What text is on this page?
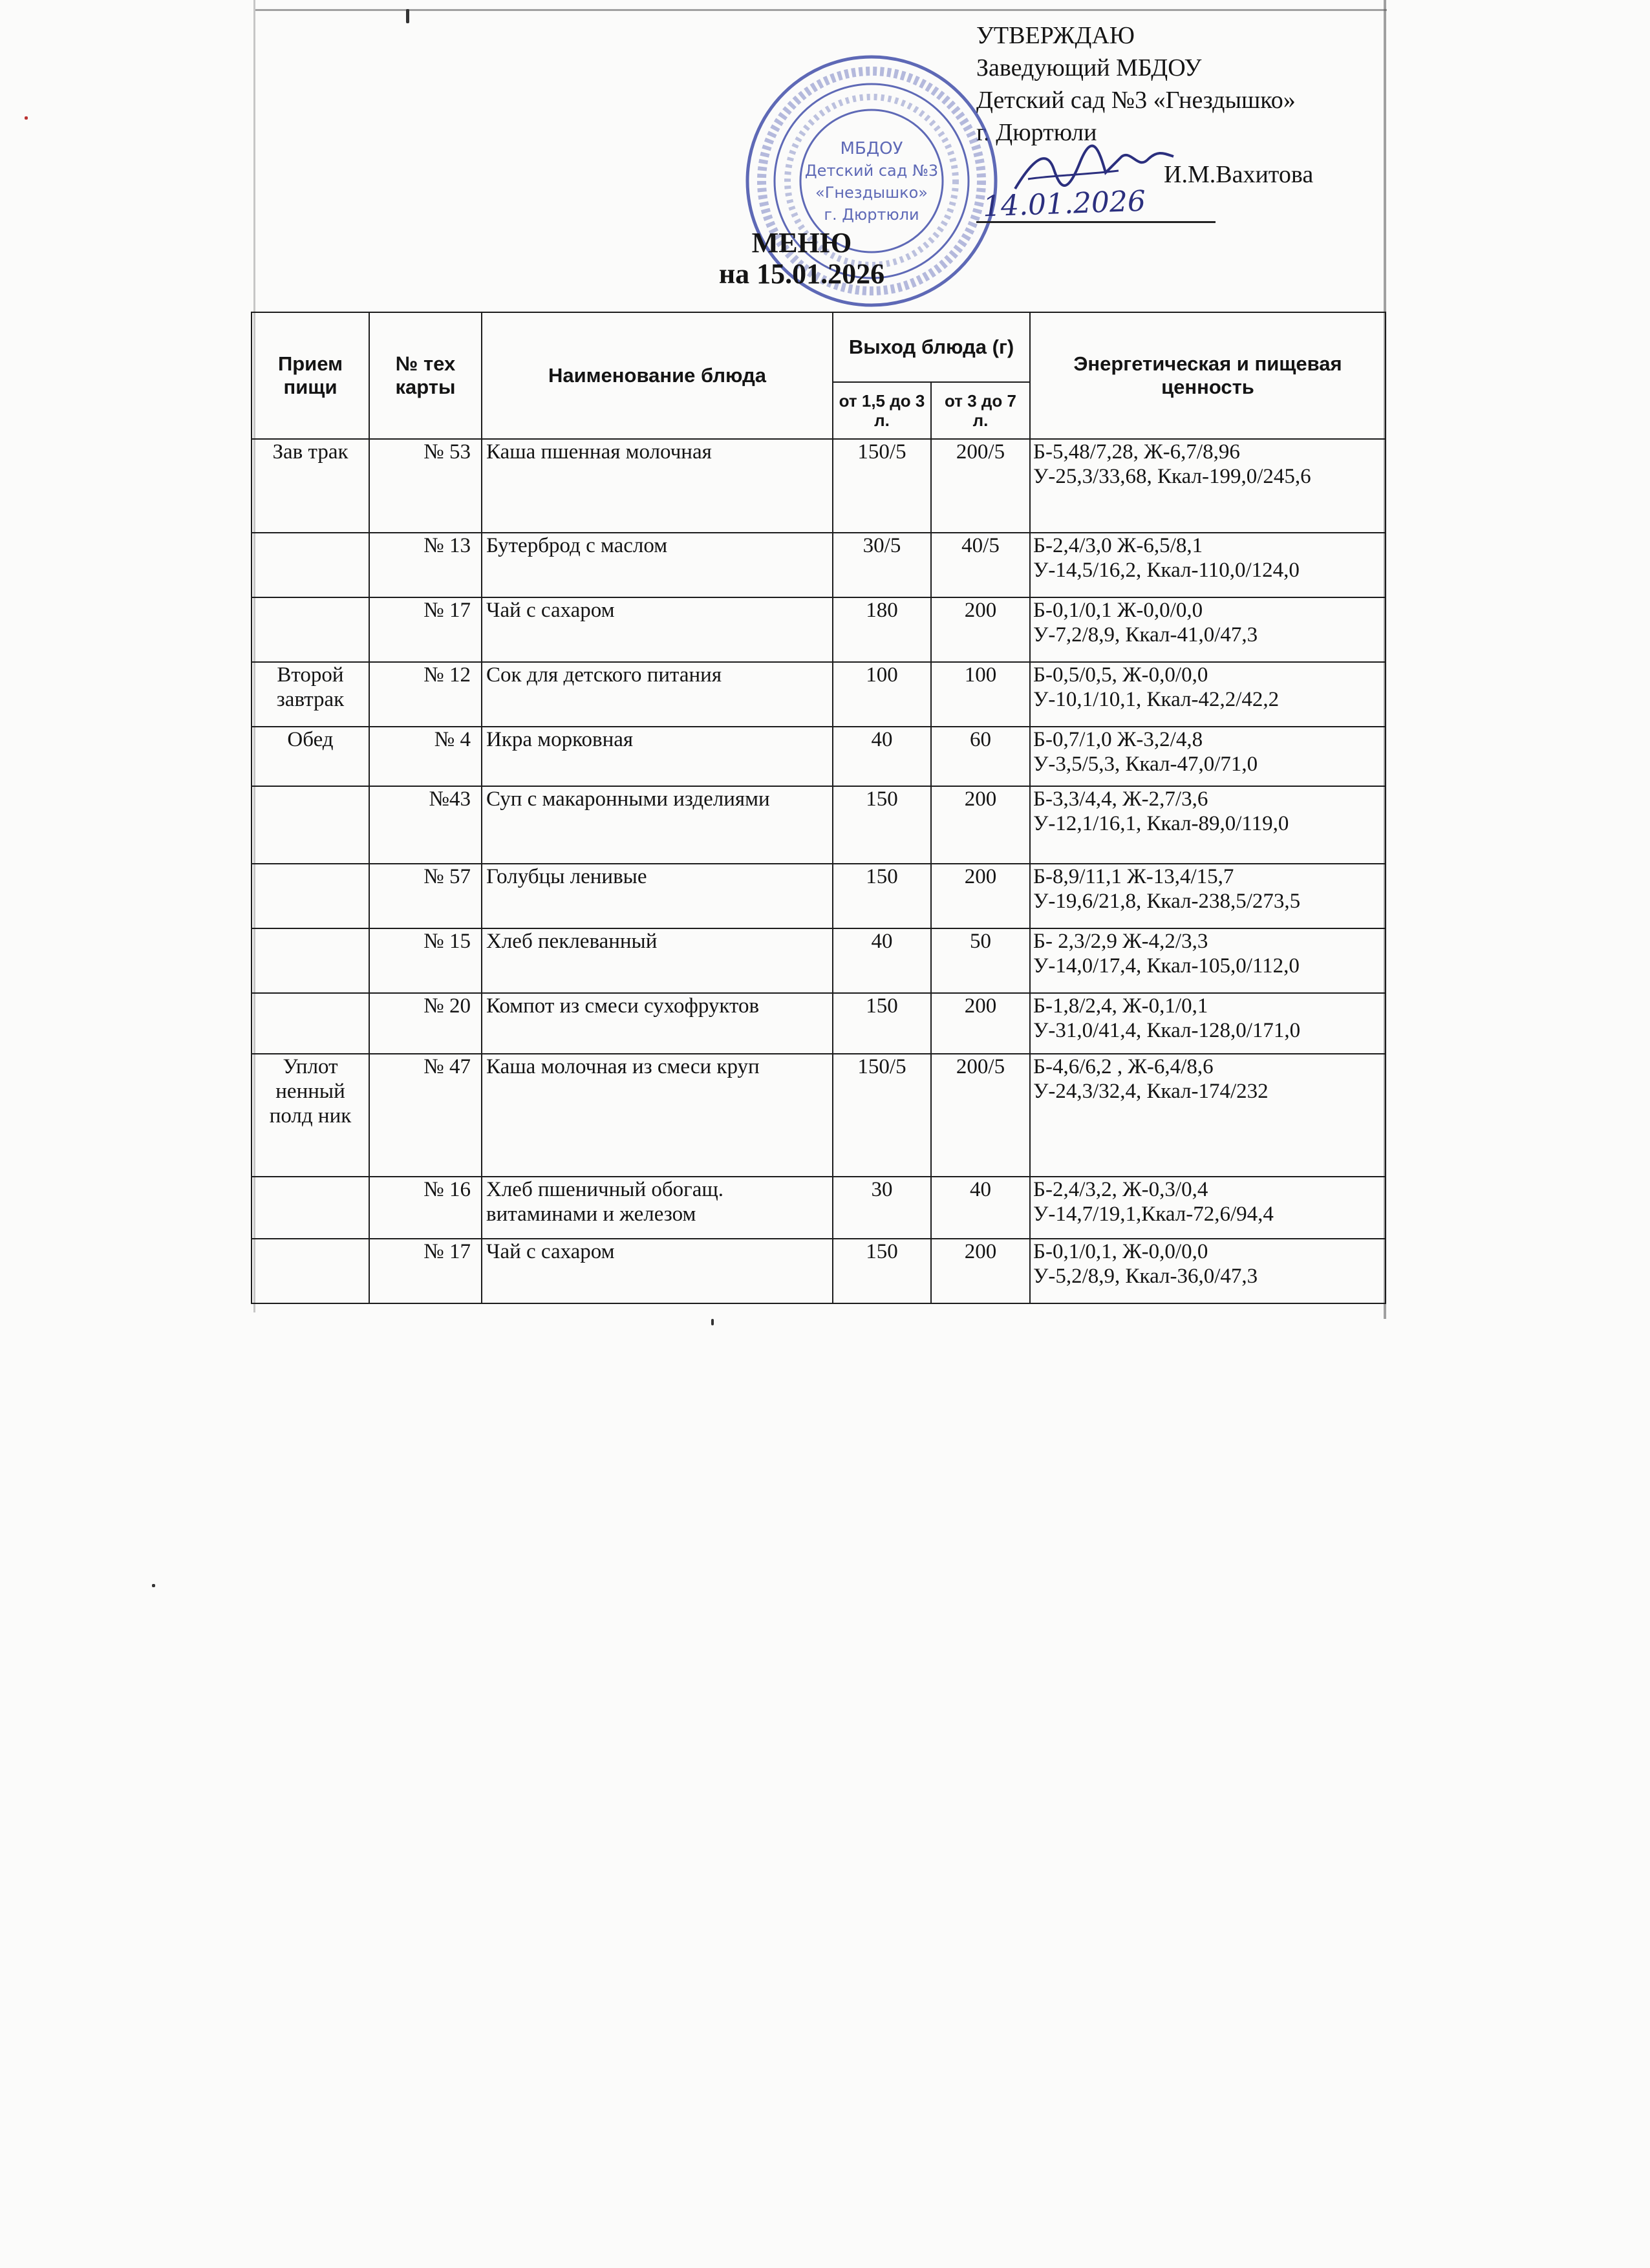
УТВЕРЖДАЮ
Заведующий МБДОУ
Детский сад №3 «Гнездышко»
г. Дюртюли
МБДОУ
Детский сад №3
«Гнездышко»
г. Дюртюли
И.М.Вахитова
14.01.2026
МЕНЮ
на 15.01.2026
Прием пищи	№ тех карты	Наименование блюда	Выход блюда (г)		Энергетическая и пищевая ценность
			от 1,5 до 3 л.	от 3 до 7 л.	
Зав трак	№ 53	Каша пшенная молочная	150/5	200/5	Б-5,48/7,28, Ж-6,7/8,96
У-25,3/33,68, Ккал-199,0/245,6

	№ 13	Бутерброд с маслом	30/5	40/5	Б-2,4/3,0 Ж-6,5/8,1
У-14,5/16,2, Ккал-110,0/124,0

	№ 17	Чай с сахаром	180	200	Б-0,1/0,1 Ж-0,0/0,0
У-7,2/8,9, Ккал-41,0/47,3

Второй завтрак	№ 12	Сок для детского питания	100	100	Б-0,5/0,5, Ж-0,0/0,0
У-10,1/10,1, Ккал-42,2/42,2

Обед	№ 4	Икра морковная	40	60	Б-0,7/1,0 Ж-3,2/4,8
У-3,5/5,3, Ккал-47,0/71,0

	№43	Суп с макаронными изделиями	150	200	Б-3,3/4,4, Ж-2,7/3,6
У-12,1/16,1, Ккал-89,0/119,0

	№ 57	Голубцы ленивые	150	200	Б-8,9/11,1 Ж-13,4/15,7
У-19,6/21,8, Ккал-238,5/273,5

	№ 15	Хлеб пеклеванный	40	50	Б- 2,3/2,9 Ж-4,2/3,3
У-14,0/17,4, Ккал-105,0/112,0

	№ 20	Компот из смеси сухофруктов	150	200	Б-1,8/2,4, Ж-0,1/0,1
У-31,0/41,4, Ккал-128,0/171,0

Уплот ненный полд ник	№ 47	Каша молочная из смеси круп	150/5	200/5	Б-4,6/6,2 , Ж-6,4/8,6
У-24,3/32,4, Ккал-174/232

	№ 16	Хлеб пшеничный обогащ. витаминами и железом	30	40	Б-2,4/3,2, Ж-0,3/0,4
У-14,7/19,1,Ккал-72,6/94,4

	№ 17	Чай с сахаром	150	200	Б-0,1/0,1, Ж-0,0/0,0
У-5,2/8,9, Ккал-36,0/47,3
